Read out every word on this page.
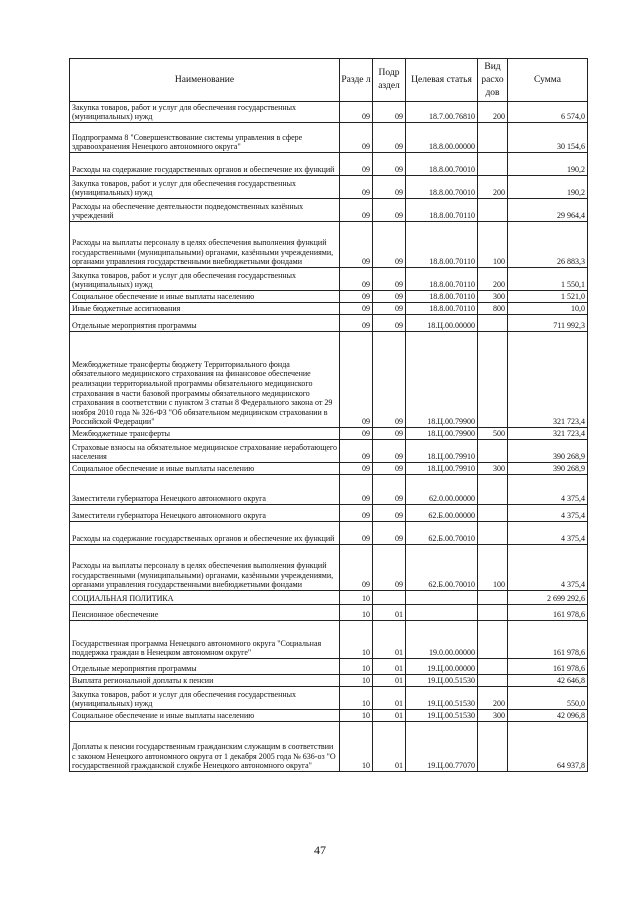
Наименование	Разде л	Подр аздел	Целевая статья	Вид расхо дов	Сумма
Закупка товаров, работ и услуг для обеспечения государственных (муниципальных) нужд	09	09	18.7.00.76810	200	6 574,0
Подпрограмма 8 "Совершенствование системы управления в сфере здравоохранения Ненецкого автономного округа"	09	09	18.8.00.00000		30 154,6
Расходы на содержание государственных органов и обеспечение их функций	09	09	18.8.00.70010		190,2
Закупка товаров, работ и услуг для обеспечения государственных (муниципальных) нужд	09	09	18.8.00.70010	200	190,2
Расходы на обеспечение деятельности подведомственных казённых учреждений	09	09	18.8.00.70110		29 964,4
Расходы на выплаты персоналу в целях обеспечения выполнения функций государственными (муниципальными) органами, казёнными учреждениями, органами управления государственными внебюджетными фондами	09	09	18.8.00.70110	100	26 883,3
Закупка товаров, работ и услуг для обеспечения государственных (муниципальных) нужд	09	09	18.8.00.70110	200	1 550,1
Социальное обеспечение и иные выплаты населению	09	09	18.8.00.70110	300	1 521,0
Иные бюджетные ассигнования	09	09	18.8.00.70110	800	10,0
Отдельные мероприятия программы	09	09	18.Ц.00.00000		711 992,3
Межбюджетные трансферты бюджету Территориального фонда обязательного медицинского страхования на финансовое обеспечение реализации территориальной программы обязательного медицинского страхования в части базовой программы обязательного медицинского страхования в соответствии с пунктом 3 статьи 8 Федерального закона от 29 ноября 2010 года № 326-ФЗ "Об обязательном медицинском страховании в Российской Федерации"	09	09	18.Ц.00.79900		321 723,4
Межбюджетные трансферты	09	09	18.Ц.00.79900	500	321 723,4
Страховые взносы на обязательное медицинское страхование неработающего населения	09	09	18.Ц.00.79910		390 268,9
Социальное обеспечение и иные выплаты населению	09	09	18.Ц.00.79910	300	390 268,9
Заместители губернатора Ненецкого автономного округа	09	09	62.0.00.00000		4 375,4
Заместители губернатора Ненецкого автономного округа	09	09	62.Б.00.00000		4 375,4
Расходы на содержание государственных органов и обеспечение их функций	09	09	62.Б.00.70010		4 375,4
Расходы на выплаты персоналу в целях обеспечения выполнения функций государственными (муниципальными) органами, казёнными учреждениями, органами управления государственными внебюджетными фондами	09	09	62.Б.00.70010	100	4 375,4
СОЦИАЛЬНАЯ ПОЛИТИКА	10				2 699 292,6
Пенсионное обеспечение	10	01			161 978,6
Государственная программа Ненецкого автономного округа "Социальная поддержка граждан в Ненецком автономном округе"	10	01	19.0.00.00000		161 978,6
Отдельные мероприятия программы	10	01	19.Ц.00.00000		161 978,6
Выплата региональной доплаты к пенсии	10	01	19.Ц.00.51530		42 646,8
Закупка товаров, работ и услуг для обеспечения государственных (муниципальных) нужд	10	01	19.Ц.00.51530	200	550,0
Социальное обеспечение и иные выплаты населению	10	01	19.Ц.00.51530	300	42 096,8
Доплаты к пенсии государственным гражданским служащим в соответствии с законом Ненецкого автономного округа от 1 декабря 2005 года № 636-оз "О государственной гражданской службе Ненецкого автономного округа"	10	01	19.Ц.00.77070		64 937,8
47
